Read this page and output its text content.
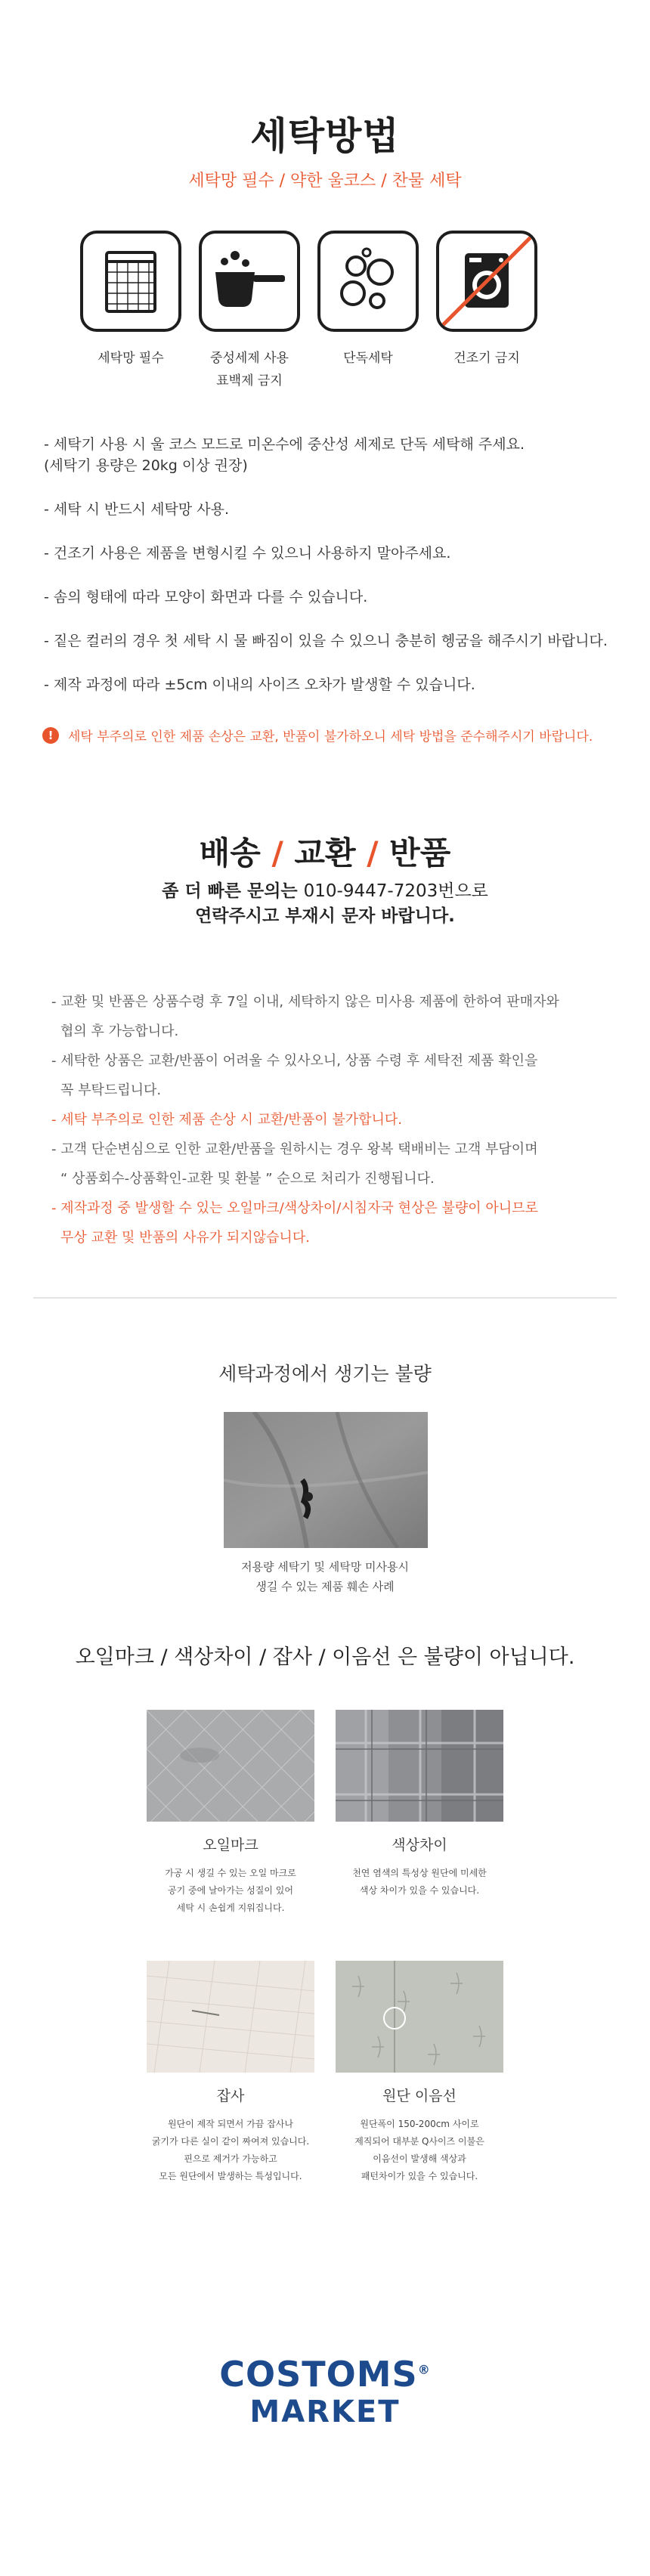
세탁방법
세탁망 필수 / 약한 울코스 / 찬물 세탁
세탁망 필수	중성세제 사용
표백제 금지
단독세탁	건조기 금지

- 세탁기 사용 시 울 코스 모드로 미온수에 중산성 세제로 단독 세탁해 주세요.
(세탁기 용량은 20kg 이상 권장)

- 세탁 시 반드시 세탁망 사용.

- 건조기 사용은 제품을 변형시킬 수 있으니 사용하지 말아주세요.

- 솜의 형태에 따라 모양이 화면과 다를 수 있습니다.

- 짙은 컬러의 경우 첫 세탁 시 물 빠짐이 있을 수 있으니 충분히 헹굼을 해주시기 바랍니다.

- 제작 과정에 따라 ±5cm 이내의 사이즈 오차가 발생할 수 있습니다.

!	세탁 부주의로 인한 제품 손상은 교환, 반품이 불가하오니 세탁 방법을 준수해주시기 바랍니다.
배송 / 교환 / 반품
좀 더 빠른 문의는 010-9447-7203번으로
연락주시고 부재시 문자 바랍니다.
- 교환 및 반품은 상품수령 후 7일 이내, 세탁하지 않은 미사용 제품에 한하여 판매자와
협의 후 가능합니다.
- 세탁한 상품은 교환/반품이 어려울 수 있사오니, 상품 수령 후 세탁전 제품 확인을
꼭 부탁드립니다.
- 세탁 부주의로 인한 제품 손상 시 교환/반품이 불가합니다.
- 고객 단순변심으로 인한 교환/반품을 원하시는 경우 왕복 택배비는 고객 부담이며
“ 상품회수-상품확인-교환 및 환불 ” 순으로 처리가 진행됩니다.
- 제작과정 중 발생할 수 있는 오일마크/색상차이/시침자국 현상은 불량이 아니므로
무상 교환 및 반품의 사유가 되지않습니다.
세탁과정에서 생기는 불량
저용량 세탁기 및 세탁망 미사용시
생길 수 있는 제품 훼손 사례
오일마크 / 색상차이 / 잡사 / 이음선 은 불량이 아닙니다.
오일마크
가공 시 생길 수 있는 오일 마크로
공기 중에 날아가는 성질이 있어
세탁 시 손쉽게 지워집니다.
색상차이
천연 염색의 특성상 원단에 미세한
색상 차이가 있을 수 있습니다.
잡사
원단이 제작 되면서 가끔 잡사나
굵기가 다른 실이 같이 짜여져 있습니다.
핀으로 제거가 가능하고
모든 원단에서 발생하는 특성입니다.
원단 이음선
원단폭이 150-200cm 사이로
제직되어 대부분 Q사이즈 이불은
이음선이 발생해 색상과
패턴차이가 있을 수 있습니다.
COSTOMS®
MARKET
